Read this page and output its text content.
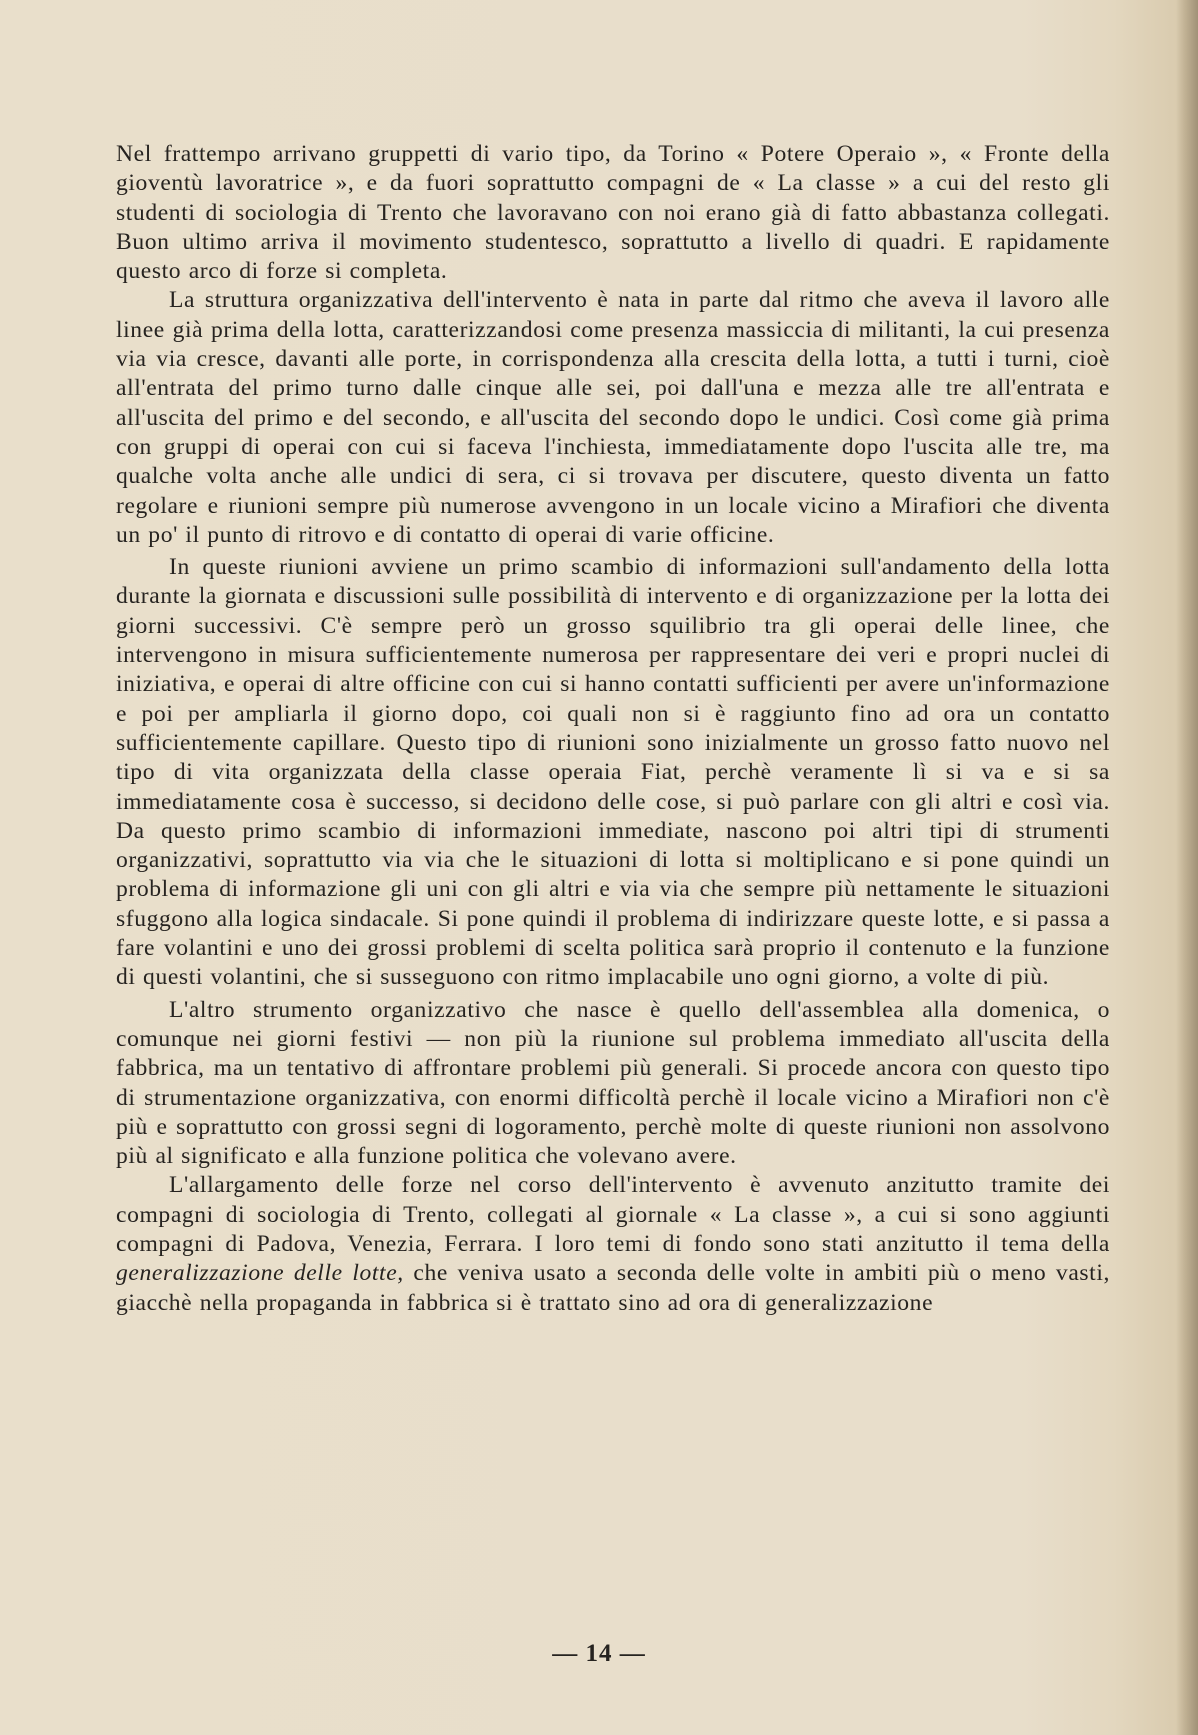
Nel frattempo arrivano gruppetti di vario tipo, da Torino « Potere Operaio », « Fronte della gioventù lavoratrice », e da fuori soprattutto compagni de « La classe » a cui del resto gli studenti di sociologia di Trento che lavoravano con noi erano già di fatto abbastanza collegati. Buon ultimo arriva il movimento studentesco, soprattutto a livello di quadri. E rapidamente questo arco di forze si completa.

La struttura organizzativa dell'intervento è nata in parte dal ritmo che aveva il lavoro alle linee già prima della lotta, caratterizzandosi come presenza massiccia di militanti, la cui presenza via via cresce, davanti alle porte, in corrispondenza alla crescita della lotta, a tutti i turni, cioè all'entrata del primo turno dalle cinque alle sei, poi dall'una e mezza alle tre all'entrata e all'uscita del primo e del secondo, e all'uscita del secondo dopo le undici. Così come già prima con gruppi di operai con cui si faceva l'inchiesta, immediatamente dopo l'uscita alle tre, ma qualche volta anche alle undici di sera, ci si trovava per discutere, questo diventa un fatto regolare e riunioni sempre più numerose avvengono in un locale vicino a Mirafiori che diventa un po' il punto di ritrovo e di contatto di operai di varie officine.

In queste riunioni avviene un primo scambio di informazioni sull'andamento della lotta durante la giornata e discussioni sulle possibilità di intervento e di organizzazione per la lotta dei giorni successivi. C'è sempre però un grosso squilibrio tra gli operai delle linee, che intervengono in misura sufficientemente numerosa per rappresentare dei veri e propri nuclei di iniziativa, e operai di altre officine con cui si hanno contatti sufficienti per avere un'informazione e poi per ampliarla il giorno dopo, coi quali non si è raggiunto fino ad ora un contatto sufficientemente capillare. Questo tipo di riunioni sono inizialmente un grosso fatto nuovo nel tipo di vita organizzata della classe operaia Fiat, perchè veramente lì si va e si sa immediatamente cosa è successo, si decidono delle cose, si può parlare con gli altri e così via. Da questo primo scambio di informazioni immediate, nascono poi altri tipi di strumenti organizzativi, soprattutto via via che le situazioni di lotta si moltiplicano e si pone quindi un problema di informazione gli uni con gli altri e via via che sempre più nettamente le situazioni sfuggono alla logica sindacale. Si pone quindi il problema di indirizzare queste lotte, e si passa a fare volantini e uno dei grossi problemi di scelta politica sarà proprio il contenuto e la funzione di questi volantini, che si susseguono con ritmo implacabile uno ogni giorno, a volte di più.

L'altro strumento organizzativo che nasce è quello dell'assemblea alla domenica, o comunque nei giorni festivi — non più la riunione sul problema immediato all'uscita della fabbrica, ma un tentativo di affrontare problemi più generali. Si procede ancora con questo tipo di strumentazione organizzativa, con enormi difficoltà perchè il locale vicino a Mirafiori non c'è più e soprattutto con grossi segni di logoramento, perchè molte di queste riunioni non assolvono più al significato e alla funzione politica che volevano avere.

L'allargamento delle forze nel corso dell'intervento è avvenuto anzitutto tramite dei compagni di sociologia di Trento, collegati al giornale « La classe », a cui si sono aggiunti compagni di Padova, Venezia, Ferrara. I loro temi di fondo sono stati anzitutto il tema della generalizzazione delle lotte, che veniva usato a seconda delle volte in ambiti più o meno vasti, giacchè nella propaganda in fabbrica si è trattato sino ad ora di generalizzazione

— 14 —
